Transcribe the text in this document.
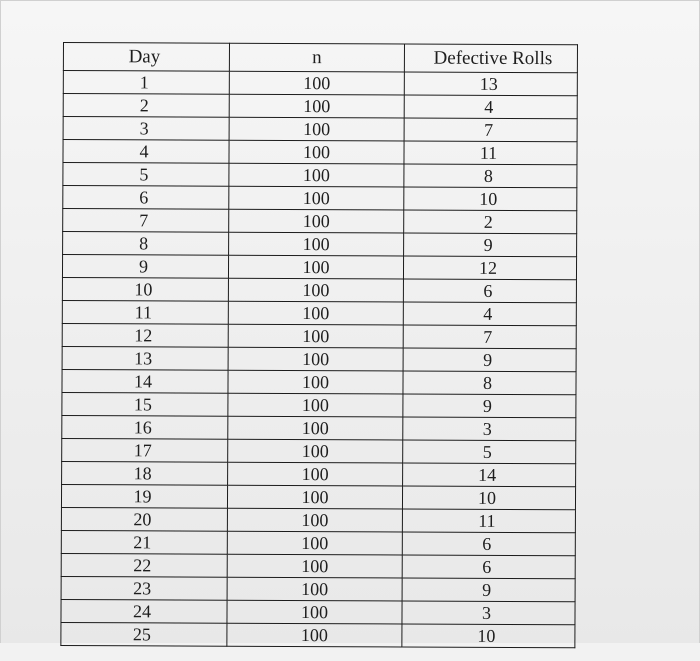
Day	n	Defective Rolls
1	100	13
2	100	4
3	100	7
4	100	11
5	100	8
6	100	10
7	100	2
8	100	9
9	100	12
10	100	6
11	100	4
12	100	7
13	100	9
14	100	8
15	100	9
16	100	3
17	100	5
18	100	14
19	100	10
20	100	11
21	100	6
22	100	6
23	100	9
24	100	3
25	100	10
